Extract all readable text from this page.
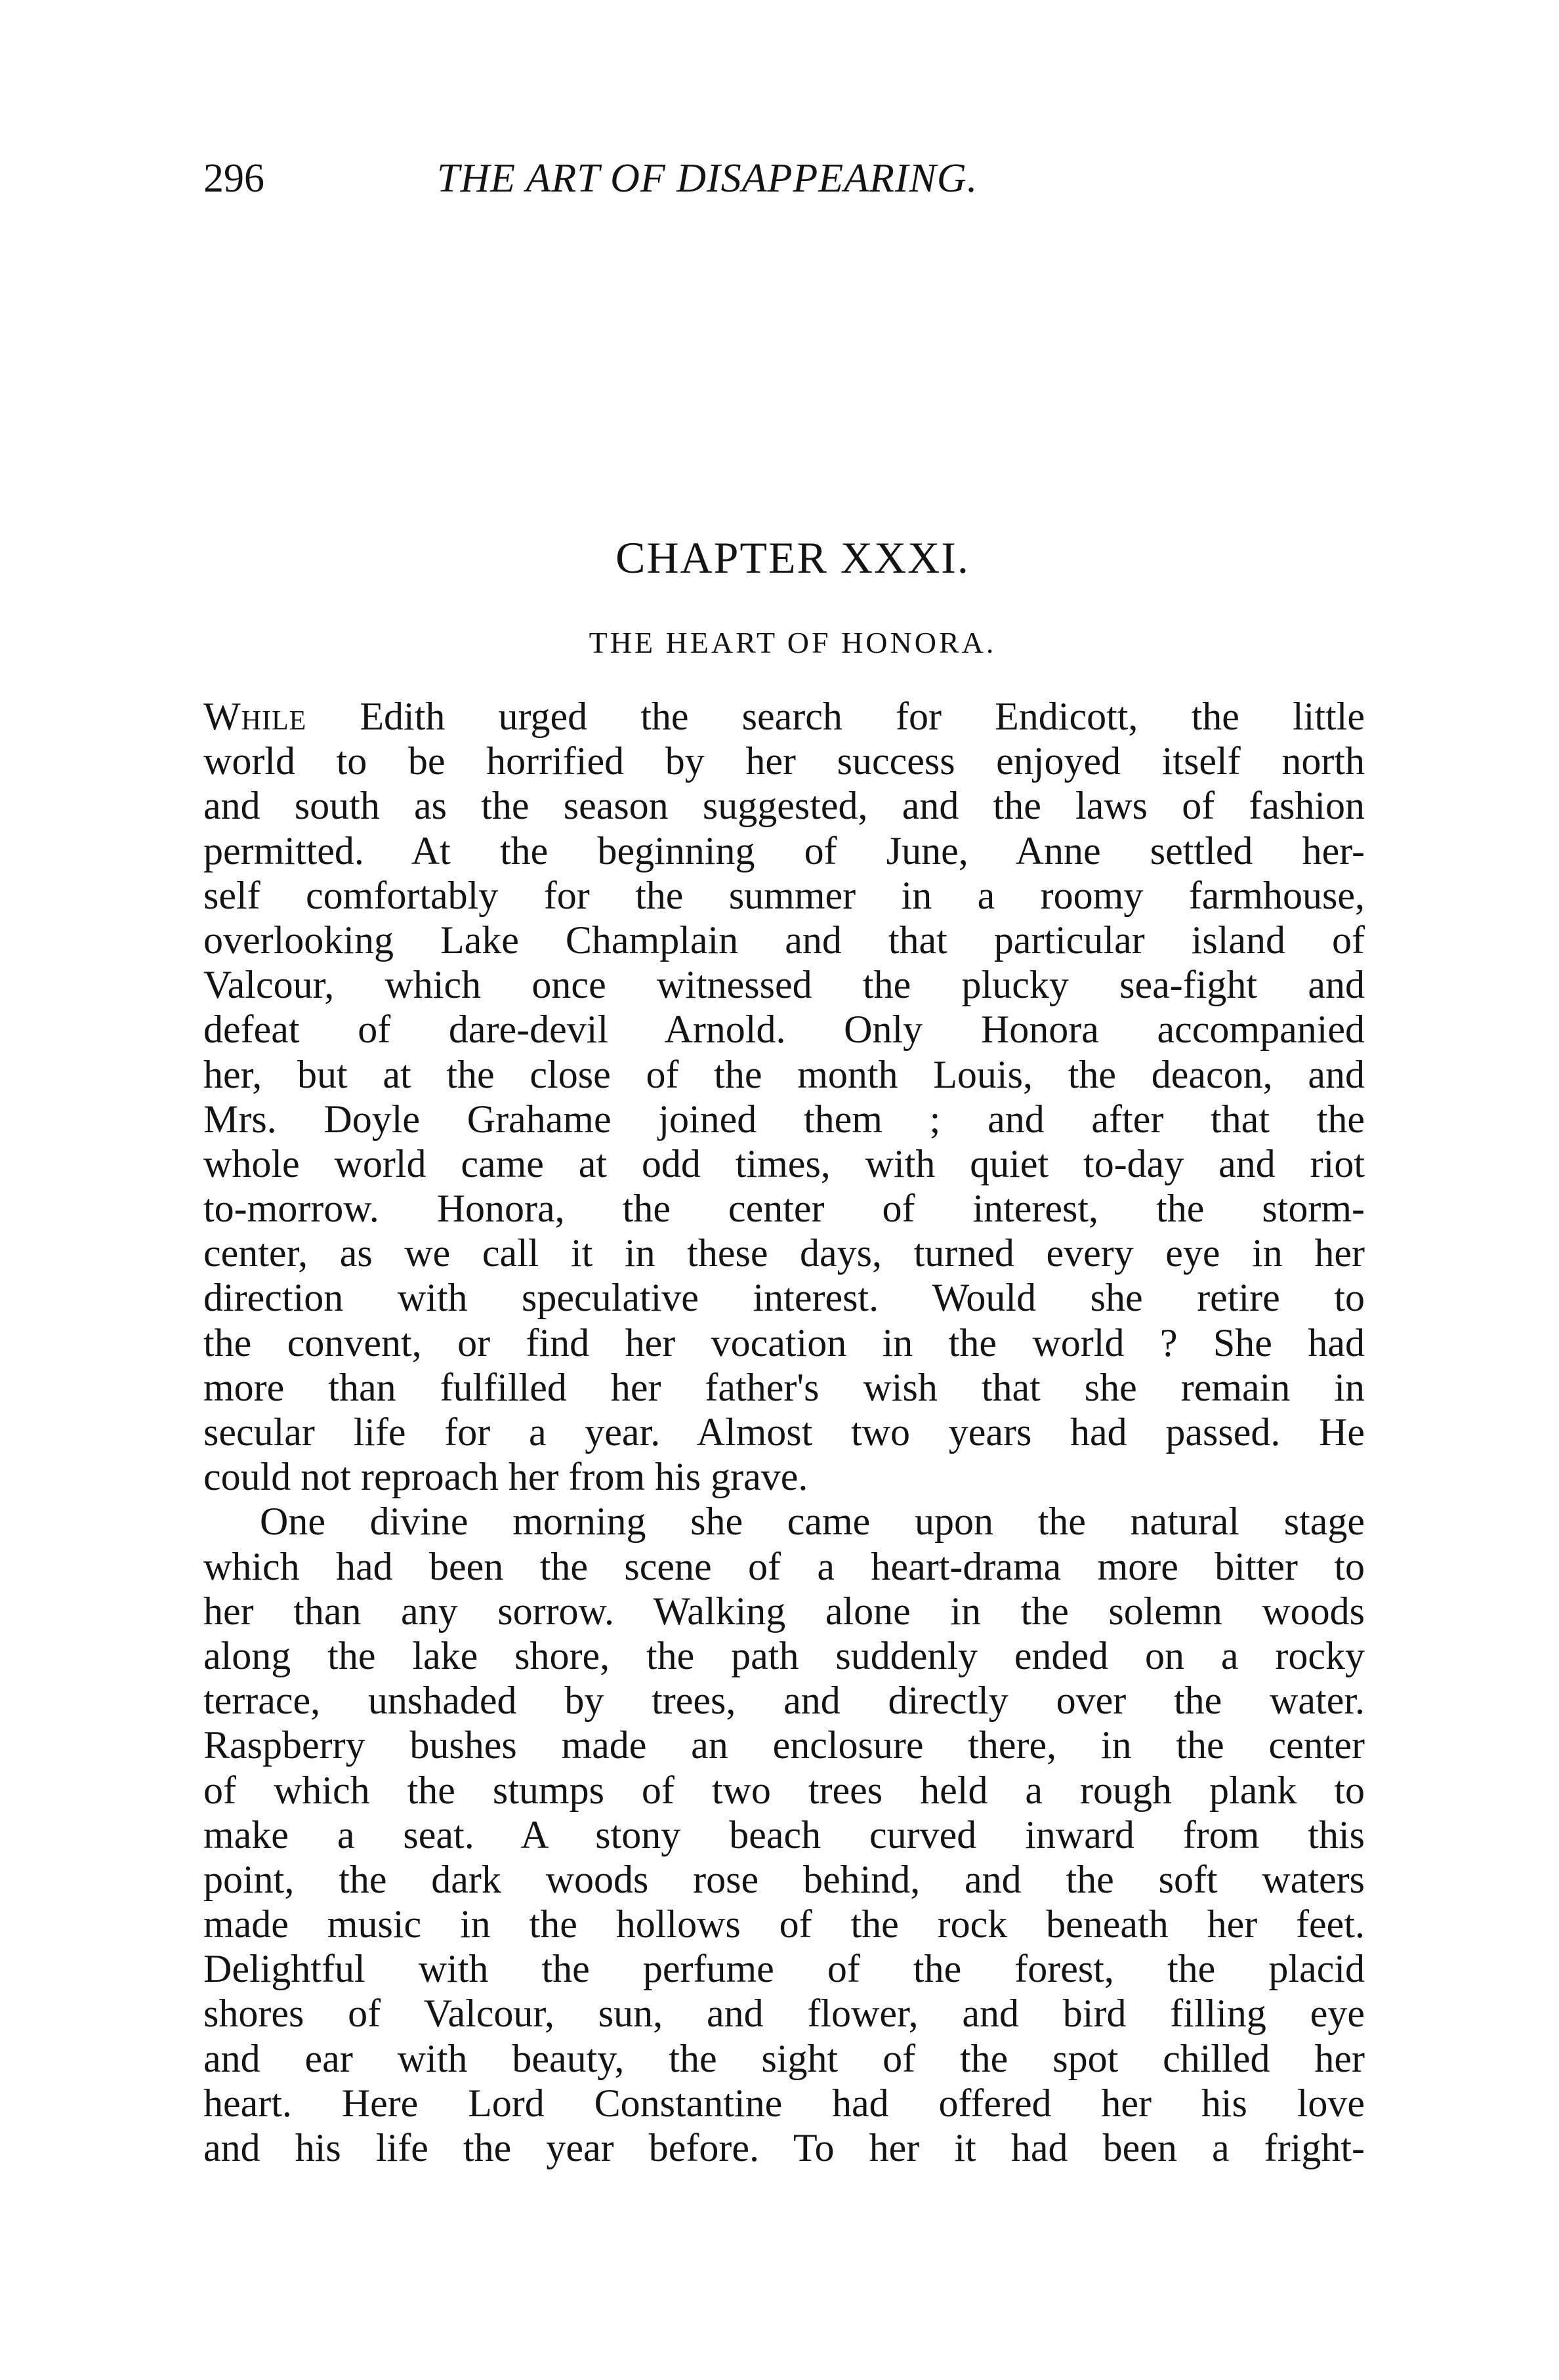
296	THE ART OF DISAPPEARING.
CHAPTER XXXI.
THE HEART OF HONORA.
While Edith urged the search for Endicott, the little
world to be horrified by her success enjoyed itself north
and south as the season suggested, and the laws of fashion
permitted. At the beginning of June, Anne settled her-
self comfortably for the summer in a roomy farmhouse,
overlooking Lake Champlain and that particular island of
Valcour, which once witnessed the plucky sea-fight and
defeat of dare-devil Arnold. Only Honora accompanied
her, but at the close of the month Louis, the deacon, and
Mrs. Doyle Grahame joined them ; and after that the
whole world came at odd times, with quiet to-day and riot
to-morrow. Honora, the center of interest, the storm-
center, as we call it in these days, turned every eye in her
direction with speculative interest. Would she retire to
the convent, or find her vocation in the world ? She had
more than fulfilled her father's wish that she remain in
secular life for a year. Almost two years had passed. He
could not reproach her from his grave.
One divine morning she came upon the natural stage
which had been the scene of a heart-drama more bitter to
her than any sorrow. Walking alone in the solemn woods
along the lake shore, the path suddenly ended on a rocky
terrace, unshaded by trees, and directly over the water.
Raspberry bushes made an enclosure there, in the center
of which the stumps of two trees held a rough plank to
make a seat. A stony beach curved inward from this
point, the dark woods rose behind, and the soft waters
made music in the hollows of the rock beneath her feet.
Delightful with the perfume of the forest, the placid
shores of Valcour, sun, and flower, and bird filling eye
and ear with beauty, the sight of the spot chilled her
heart. Here Lord Constantine had offered her his love
and his life the year before. To her it had been a fright-
